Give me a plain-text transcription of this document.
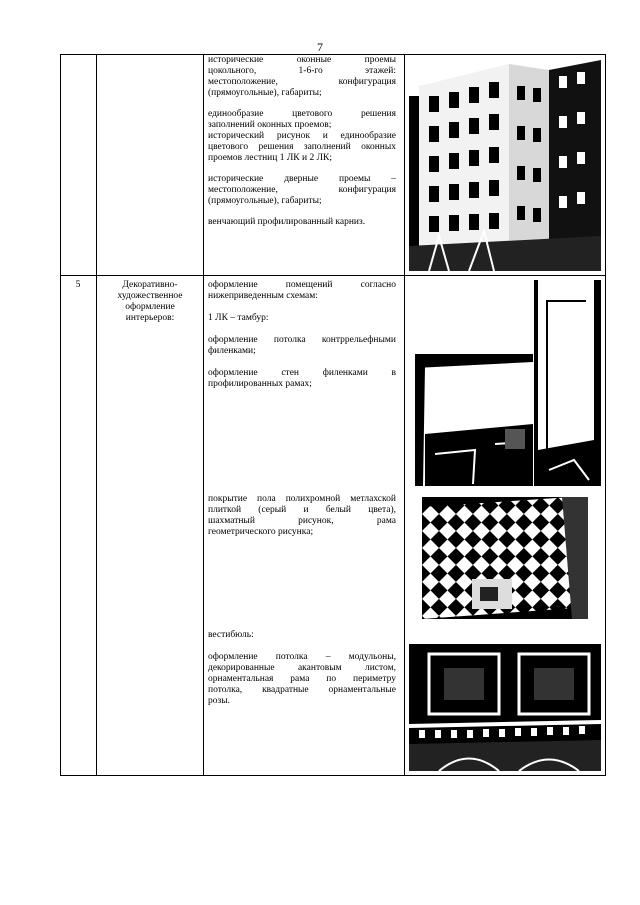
7
исторические оконные проемы
цокольного, 1-6-го этажей:
местоположение, конфигурация
(прямоугольные), габариты;
единообразие цветового решения
заполнений оконных проемов;
исторический рисунок и единообразие
цветового решения заполнений оконных
проемов лестниц 1 ЛК и 2 ЛК;
исторические дверные проемы –
местоположение, конфигурация
(прямоугольные), габариты;
венчающий профилированный карниз.
5	Декоративно-
художественное
оформление
интерьеров:
оформление помещений согласно
нижеприведенным схемам:
1 ЛК – тамбур:
оформление потолка контррельефными
филенками;
оформление стен филенками в
профилированных рамах;
покрытие пола полихромной метлахской
плиткой (серый и белый цвета),
шахматный рисунок, рама
геометрического рисунка;
вестибюль:
оформление потолка – модульоны,
декорированные акантовым листом,
орнаментальная рама по периметру
потолка, квадратные орнаментальные
розы.
